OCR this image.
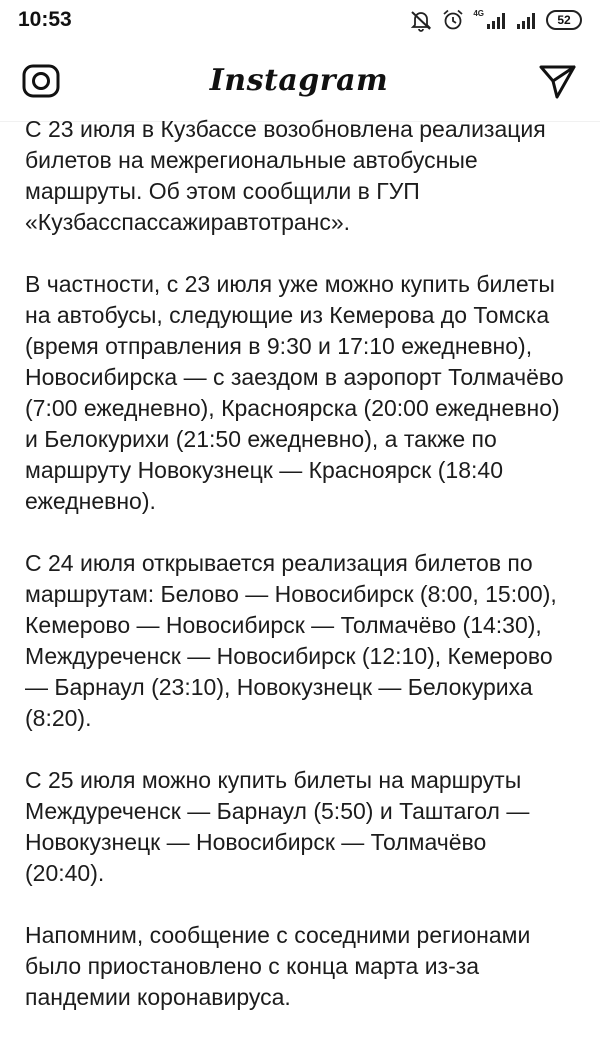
10:53	4G	52
Instagram

С 23 июля в Кузбассе возобновлена реализация
билетов на межрегиональные автобусные
маршруты. Об этом сообщили в ГУП
«Кузбасспассажиравтотранс».

В частности, с 23 июля уже можно купить билеты
на автобусы, следующие из Кемерова до Томска
(время отправления в 9:30 и 17:10 ежедневно),
Новосибирска — с заездом в аэропорт Толмачёво
(7:00 ежедневно), Красноярска (20:00 ежедневно)
и Белокурихи (21:50 ежедневно), а также по
маршруту Новокузнецк — Красноярск (18:40
ежедневно).

С 24 июля открывается реализация билетов по
маршрутам: Белово — Новосибирск (8:00, 15:00),
Кемерово — Новосибирск — Толмачёво (14:30),
Междуреченск — Новосибирск (12:10), Кемерово
— Барнаул (23:10), Новокузнецк — Белокуриха
(8:20).

С 25 июля можно купить билеты на маршруты
Междуреченск — Барнаул (5:50) и Таштагол —
Новокузнецк — Новосибирск — Толмачёво
(20:40).

Напомним, сообщение с соседними регионами
было приостановлено с конца марта из-за
пандемии коронавируса.
